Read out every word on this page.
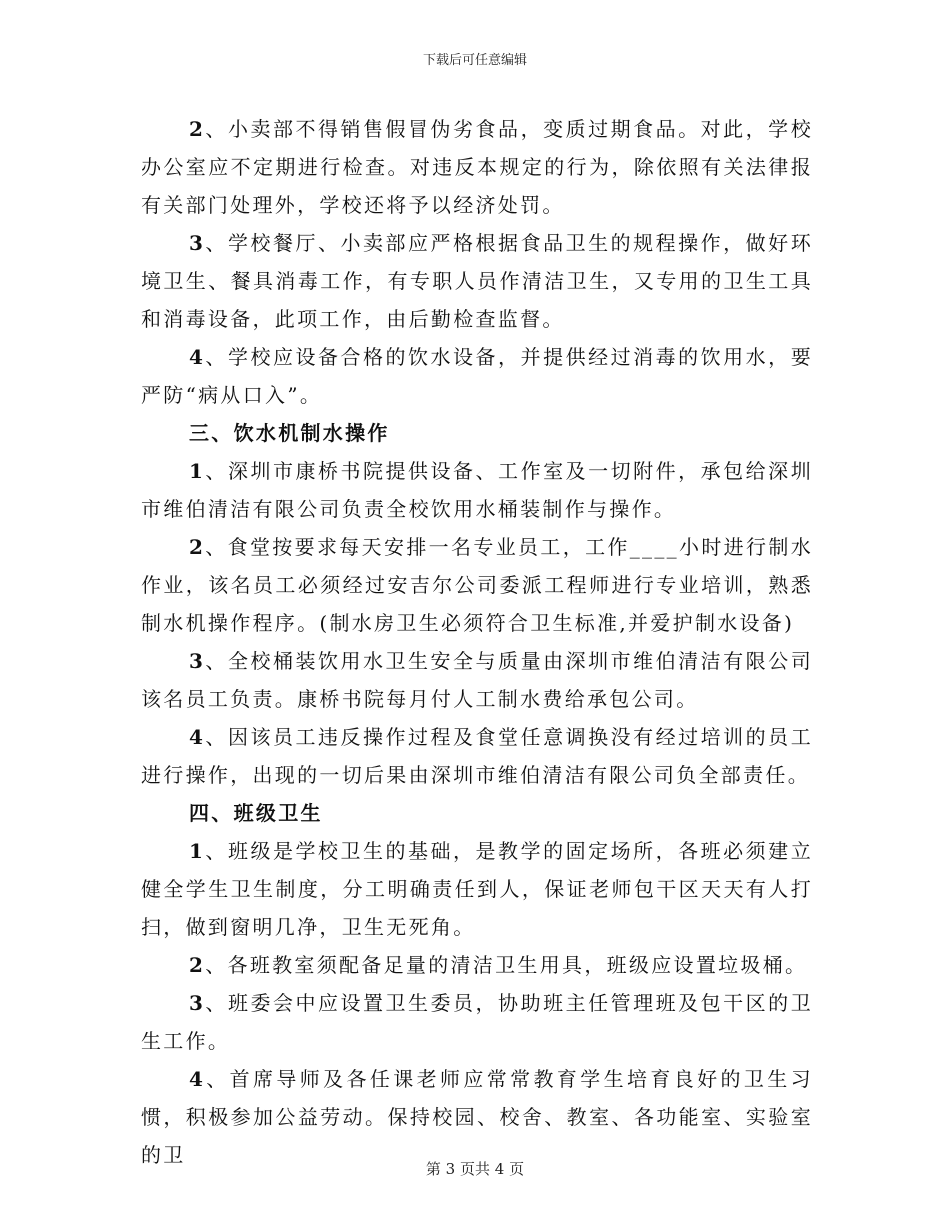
下载后可任意编辑

2、小卖部不得销售假冒伪劣食品，变质过期食品。对此，学校办公室应不定期进行检查。对违反本规定的行为，除依照有关法律报有关部门处理外，学校还将予以经济处罚。

3、学校餐厅、小卖部应严格根据食品卫生的规程操作，做好环境卫生、餐具消毒工作，有专职人员作清洁卫生，又专用的卫生工具和消毒设备，此项工作，由后勤检查监督。

4、学校应设备合格的饮水设备，并提供经过消毒的饮用水，要严防“病从口入”。

三、饮水机制水操作

1、深圳市康桥书院提供设备、工作室及一切附件，承包给深圳市维伯清洁有限公司负责全校饮用水桶装制作与操作。

2、食堂按要求每天安排一名专业员工，工作____小时进行制水作业，该名员工必须经过安吉尔公司委派工程师进行专业培训，熟悉制水机操作程序。(制水房卫生必须符合卫生标准,并爱护制水设备)

3、全校桶装饮用水卫生安全与质量由深圳市维伯清洁有限公司该名员工负责。康桥书院每月付人工制水费给承包公司。

4、因该员工违反操作过程及食堂任意调换没有经过培训的员工进行操作，出现的一切后果由深圳市维伯清洁有限公司负全部责任。

四、班级卫生

1、班级是学校卫生的基础，是教学的固定场所，各班必须建立健全学生卫生制度，分工明确责任到人，保证老师包干区天天有人打扫，做到窗明几净，卫生无死角。

2、各班教室须配备足量的清洁卫生用具，班级应设置垃圾桶。

3、班委会中应设置卫生委员，协助班主任管理班及包干区的卫生工作。

4、首席导师及各任课老师应常常教育学生培育良好的卫生习惯，积极参加公益劳动。保持校园、校舍、教室、各功能室、实验室的卫

第 3 页共 4 页
